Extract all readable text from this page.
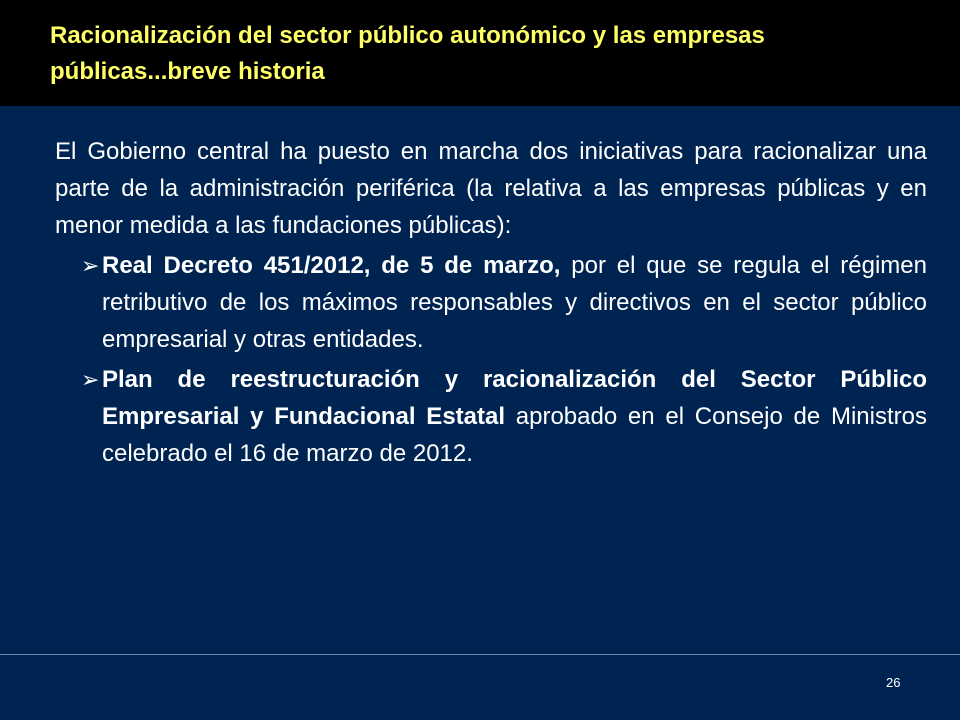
Racionalización del sector público autonómico y las empresas públicas...breve historia

El Gobierno central ha puesto en marcha dos iniciativas para racionalizar una parte de la administración periférica (la relativa a las empresas públicas y en menor medida a las fundaciones públicas):

➢ Real Decreto 451/2012, de 5 de marzo, por el que se regula el régimen retributivo de los máximos responsables y directivos en el sector público empresarial y otras entidades.
➢ Plan de reestructuración y racionalización del Sector Público Empresarial y Fundacional Estatal aprobado en el Consejo de Ministros celebrado el 16 de marzo de 2012.
26
